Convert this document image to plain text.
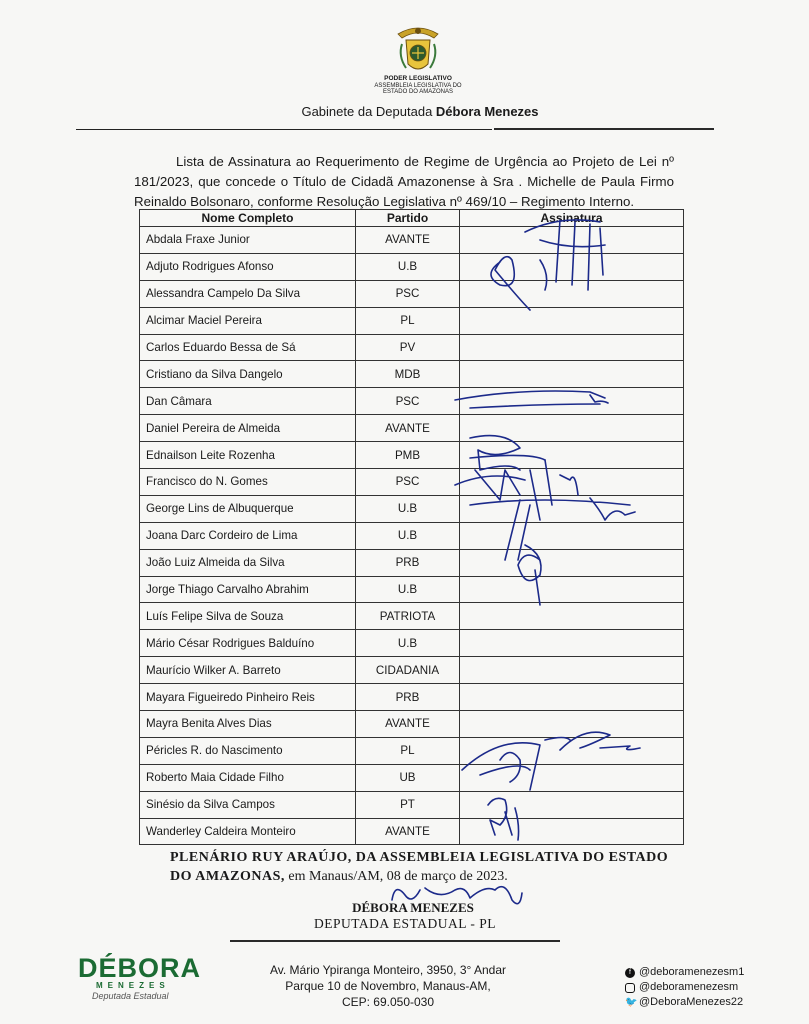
PODER LEGISLATIVO
ASSEMBLEIA LEGISLATIVA DO
ESTADO DO AMAZONAS
Gabinete da Deputada Débora Menezes
Lista de Assinatura ao Requerimento de Regime de Urgência ao Projeto de Lei nº 181/2023, que concede o Título de Cidadã Amazonense à Sra . Michelle de Paula Firmo Reinaldo Bolsonaro, conforme Resolução Legislativa nº 469/10 – Regimento Interno.
Nome Completo	Partido	Assinatura
Abdala Fraxe Junior	AVANTE	
Adjuto Rodrigues Afonso	U.B	
Alessandra Campelo Da Silva	PSC	
Alcimar Maciel Pereira	PL	
Carlos Eduardo Bessa de Sá	PV	
Cristiano da Silva Dangelo	MDB	
Dan Câmara	PSC	
Daniel Pereira de Almeida	AVANTE	
Ednailson Leite Rozenha	PMB	
Francisco do N. Gomes	PSC	
George Lins de Albuquerque	U.B	
Joana Darc Cordeiro de Lima	U.B	
João Luiz Almeida da Silva	PRB	
Jorge Thiago Carvalho Abrahim	U.B	
Luís Felipe Silva de Souza	PATRIOTA	
Mário César Rodrigues Balduíno	U.B	
Maurício Wilker A. Barreto	CIDADANIA	
Mayara Figueiredo Pinheiro Reis	PRB	
Mayra Benita Alves Dias	AVANTE	
Péricles R. do Nascimento	PL	
Roberto Maia Cidade Filho	UB	
Sinésio da Silva Campos	PT	
Wanderley Caldeira Monteiro	AVANTE	
PLENÁRIO RUY ARAÚJO, DA ASSEMBLEIA LEGISLATIVA DO ESTADO DO AMAZONAS, em Manaus/AM, 08 de março de 2023.
DÉBORA MENEZES
DEPUTADA ESTADUAL - PL
DÉBORA
MENEZES
Deputada Estadual
Av. Mário Ypiranga Monteiro, 3950, 3° Andar
Parque 10 de Novembro, Manaus-AM,
CEP: 69.050-030
f @deboramenezesm1
@deboramenezesm
🐦 @DeboraMenezes22
